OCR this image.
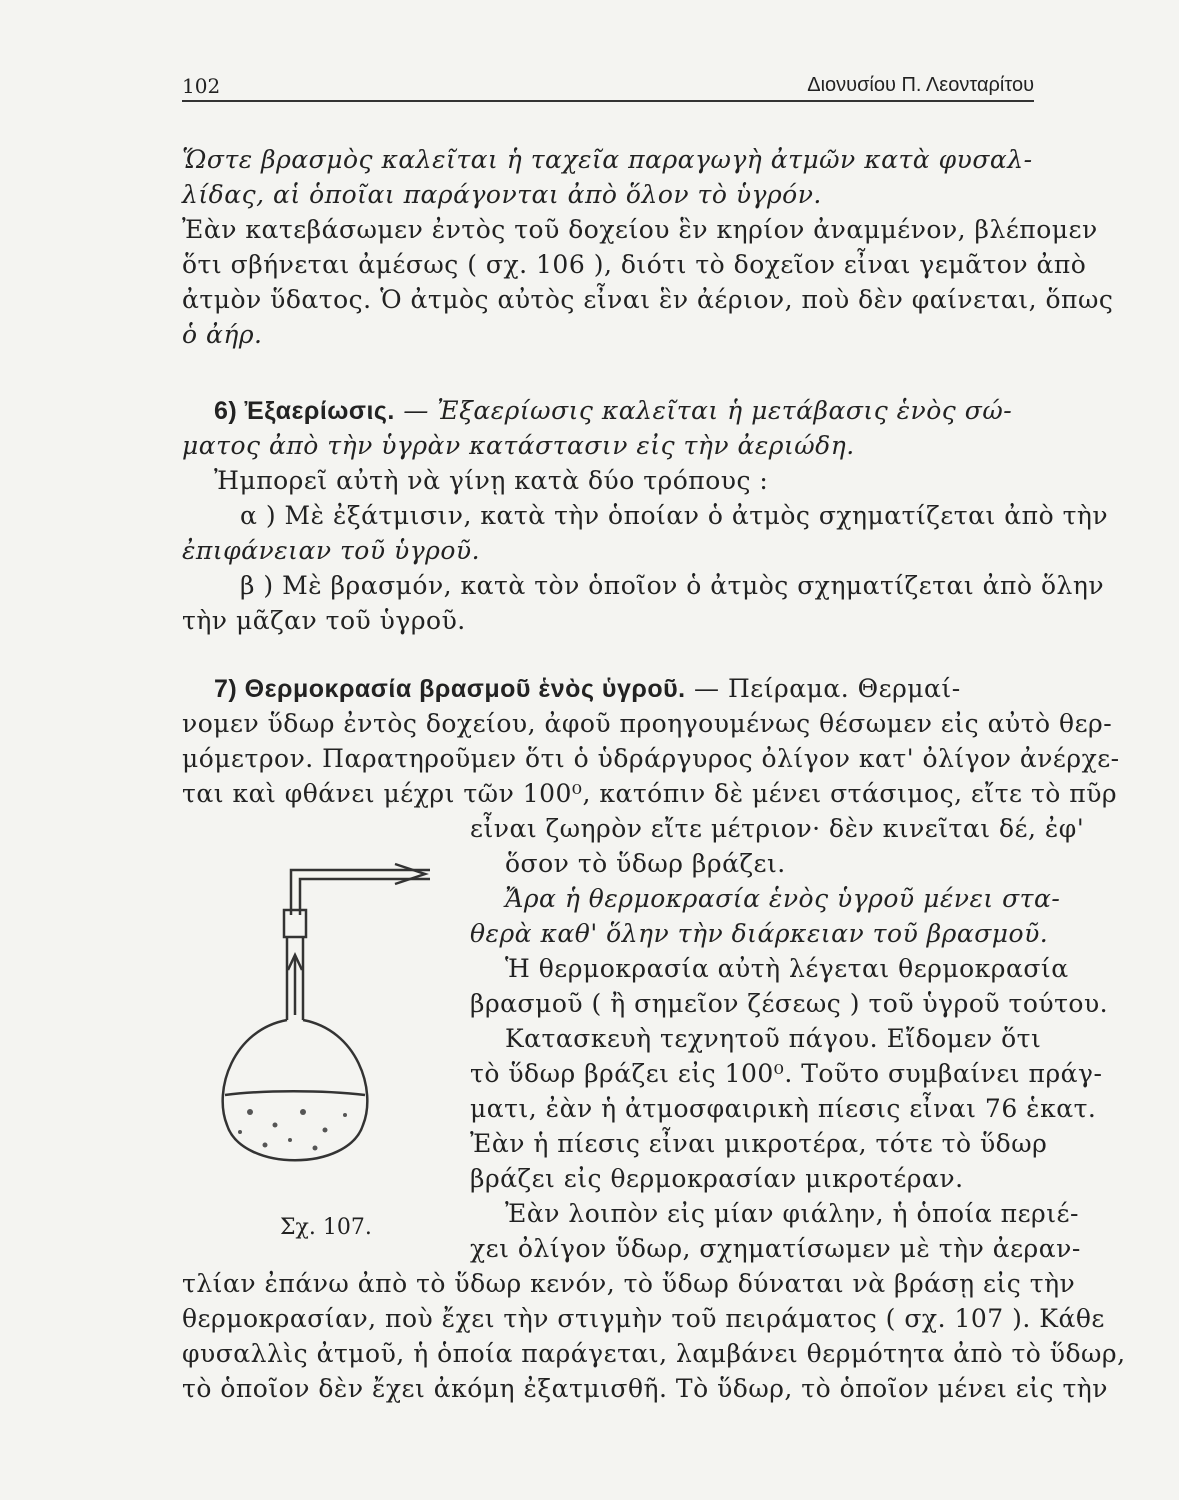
102	Διονυσίου Π. Λεονταρίτου
Ὥστε βρασμὸς καλεῖται ἡ ταχεῖα παραγωγὴ ἀτμῶν κατὰ φυσαλ-
λίδας, αἱ ὁποῖαι παράγονται ἀπὸ ὅλον τὸ ὑγρόν.
Ἐὰν κατεβάσωμεν ἐντὸς τοῦ δοχείου ἓν κηρίον ἀναμμένον, βλέπομεν
ὅτι σβήνεται ἀμέσως ( σχ. 106 ), διότι τὸ δοχεῖον εἶναι γεμᾶτον ἀπὸ
ἀτμὸν ὕδατος. Ὁ ἀτμὸς αὐτὸς εἶναι ἓν ἀέριον, ποὺ δὲν φαίνεται, ὅπως
ὁ ἀήρ.
6) Ἐξαερίωσις. — Ἐξαερίωσις καλεῖται ἡ μετάβασις ἑνὸς σώ-
ματος ἀπὸ τὴν ὑγρὰν κατάστασιν εἰς τὴν ἀεριώδη.
Ἠμπορεῖ αὐτὴ νὰ γίνῃ κατὰ δύο τρόπους :
α ) Μὲ ἐξάτμισιν, κατὰ τὴν ὁποίαν ὁ ἀτμὸς σχηματίζεται ἀπὸ τὴν
ἐπιφάνειαν τοῦ ὑγροῦ.
β ) Μὲ βρασμόν, κατὰ τὸν ὁποῖον ὁ ἀτμὸς σχηματίζεται ἀπὸ ὅλην
τὴν μᾶζαν τοῦ ὑγροῦ.
7) Θερμοκρασία βρασμοῦ ἑνὸς ὑγροῦ. — Πείραμα. Θερμαί-
νομεν ὕδωρ ἐντὸς δοχείου, ἀφοῦ προηγουμένως θέσωμεν εἰς αὐτὸ θερ-
μόμετρον. Παρατηροῦμεν ὅτι ὁ ὑδράργυρος ὀλίγον κατ' ὀλίγον ἀνέρχε-
ται καὶ φθάνει μέχρι τῶν 100⁰, κατόπιν δὲ μένει στάσιμος, εἴτε τὸ πῦρ
εἶναι ζωηρὸν εἴτε μέτριον· δὲν κινεῖται δέ, ἐφ'
ὅσον τὸ ὕδωρ βράζει.
Ἄρα ἡ θερμοκρασία ἑνὸς ὑγροῦ μένει στα-
θερὰ καθ' ὅλην τὴν διάρκειαν τοῦ βρασμοῦ.
Ἡ θερμοκρασία αὐτὴ λέγεται θερμοκρασία
βρασμοῦ ( ἢ σημεῖον ζέσεως ) τοῦ ὑγροῦ τούτου.
Κατασκευὴ τεχνητοῦ πάγου. Εἴδομεν ὅτι
τὸ ὕδωρ βράζει εἰς 100⁰. Τοῦτο συμβαίνει πράγ-
ματι, ἐὰν ἡ ἀτμοσφαιρικὴ πίεσις εἶναι 76 ἑκατ.
Ἐὰν ἡ πίεσις εἶναι μικροτέρα, τότε τὸ ὕδωρ
βράζει εἰς θερμοκρασίαν μικροτέραν.
Ἐὰν λοιπὸν εἰς μίαν φιάλην, ἡ ὁποία περιέ-
χει ὀλίγον ὕδωρ, σχηματίσωμεν μὲ τὴν ἀεραν-
τλίαν ἐπάνω ἀπὸ τὸ ὕδωρ κενόν, τὸ ὕδωρ δύναται νὰ βράσῃ εἰς τὴν
θερμοκρασίαν, ποὺ ἔχει τὴν στιγμὴν τοῦ πειράματος ( σχ. 107 ). Κάθε
φυσαλλὶς ἀτμοῦ, ἡ ὁποία παράγεται, λαμβάνει θερμότητα ἀπὸ τὸ ὕδωρ,
τὸ ὁποῖον δὲν ἔχει ἀκόμη ἐξατμισθῆ. Τὸ ὕδωρ, τὸ ὁποῖον μένει εἰς τὴν
Σχ. 107.
